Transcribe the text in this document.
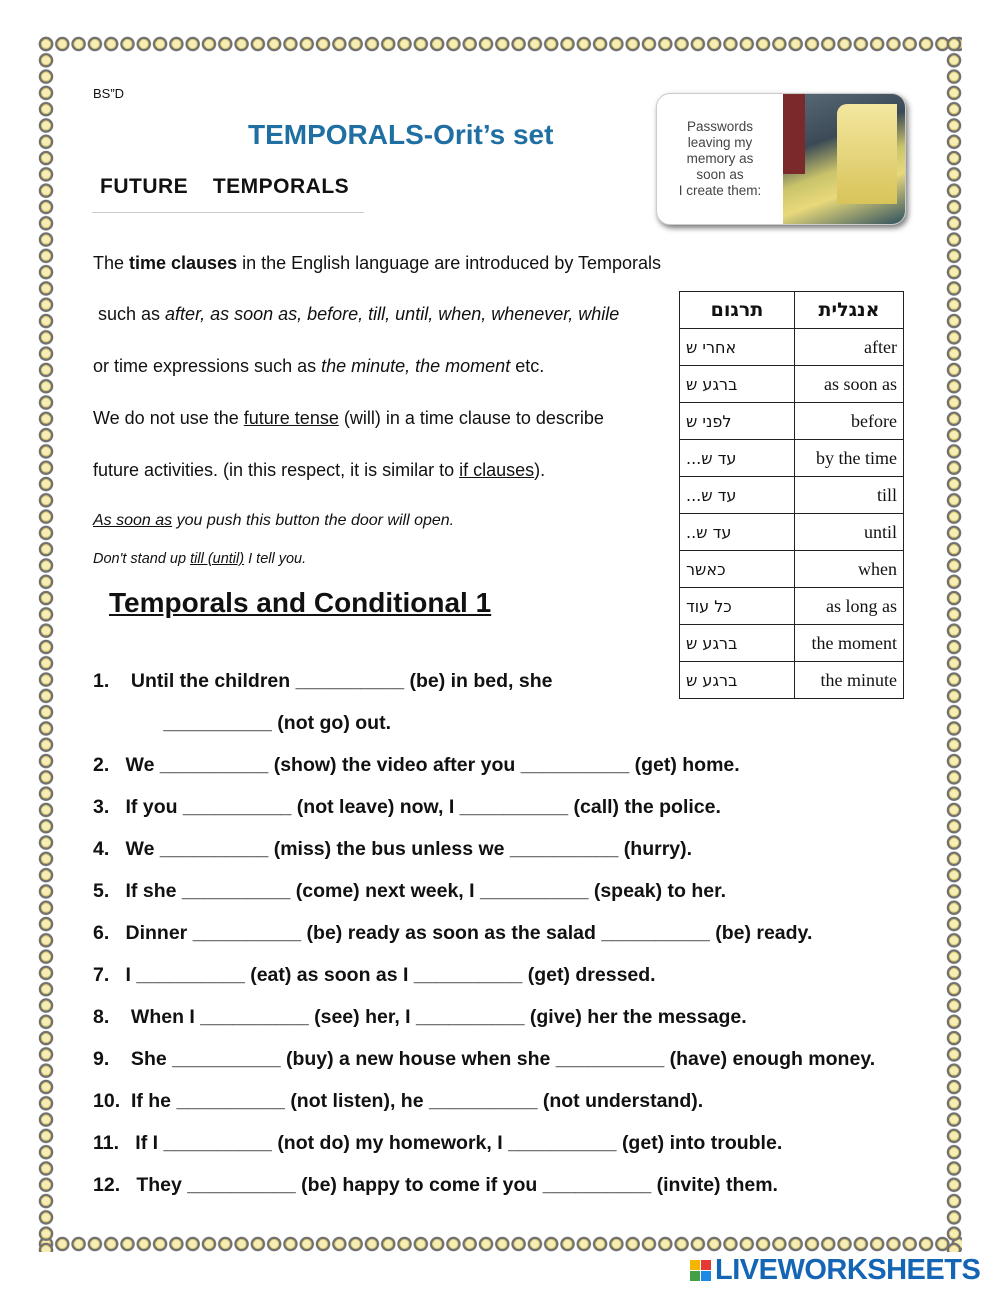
BS”D
TEMPORALS-Orit’s set
FUTURE  TEMPORALS
Passwords
leaving my
memory as
soon as
I create them:
The time clauses in the English language are introduced by Temporals
such as after, as soon as, before, till, until, when, whenever, while
or time expressions such as the minute, the moment etc.
We do not use the future tense (will) in a time clause to describe
future activities. (in this respect, it is similar to if clauses).
As soon as you push this button the door will open.
Don't stand up till (until) I tell you.
תרגום	אנגלית
אחרי ש	after
ברגע ש	as soon as
לפני ש	before
עד ש...	by the time
עד ש...	till
עד ש..	until
כאשר	when
כל עוד	as long as
ברגע ש	the moment
ברגע ש	the minute
Temporals and Conditional 1
1.    Until the children __________ (be) in bed, she
__________ (not go) out.
2.   We __________ (show) the video after you __________ (get) home.
3.   If you __________ (not leave) now, I __________ (call) the police.
4.   We __________ (miss) the bus unless we __________ (hurry).
5.   If she __________ (come) next week, I __________ (speak) to her.
6.   Dinner __________ (be) ready as soon as the salad __________ (be) ready.
7.   I __________ (eat) as soon as I __________ (get) dressed.
8.    When I __________ (see) her, I __________ (give) her the message.
9.    She __________ (buy) a new house when she __________ (have) enough money.
10.  If he __________ (not listen), he __________ (not understand).
11.   If I __________ (not do) my homework, I __________ (get) into trouble.
12.   They __________ (be) happy to come if you __________ (invite) them.
LIVEWORKSHEETS
